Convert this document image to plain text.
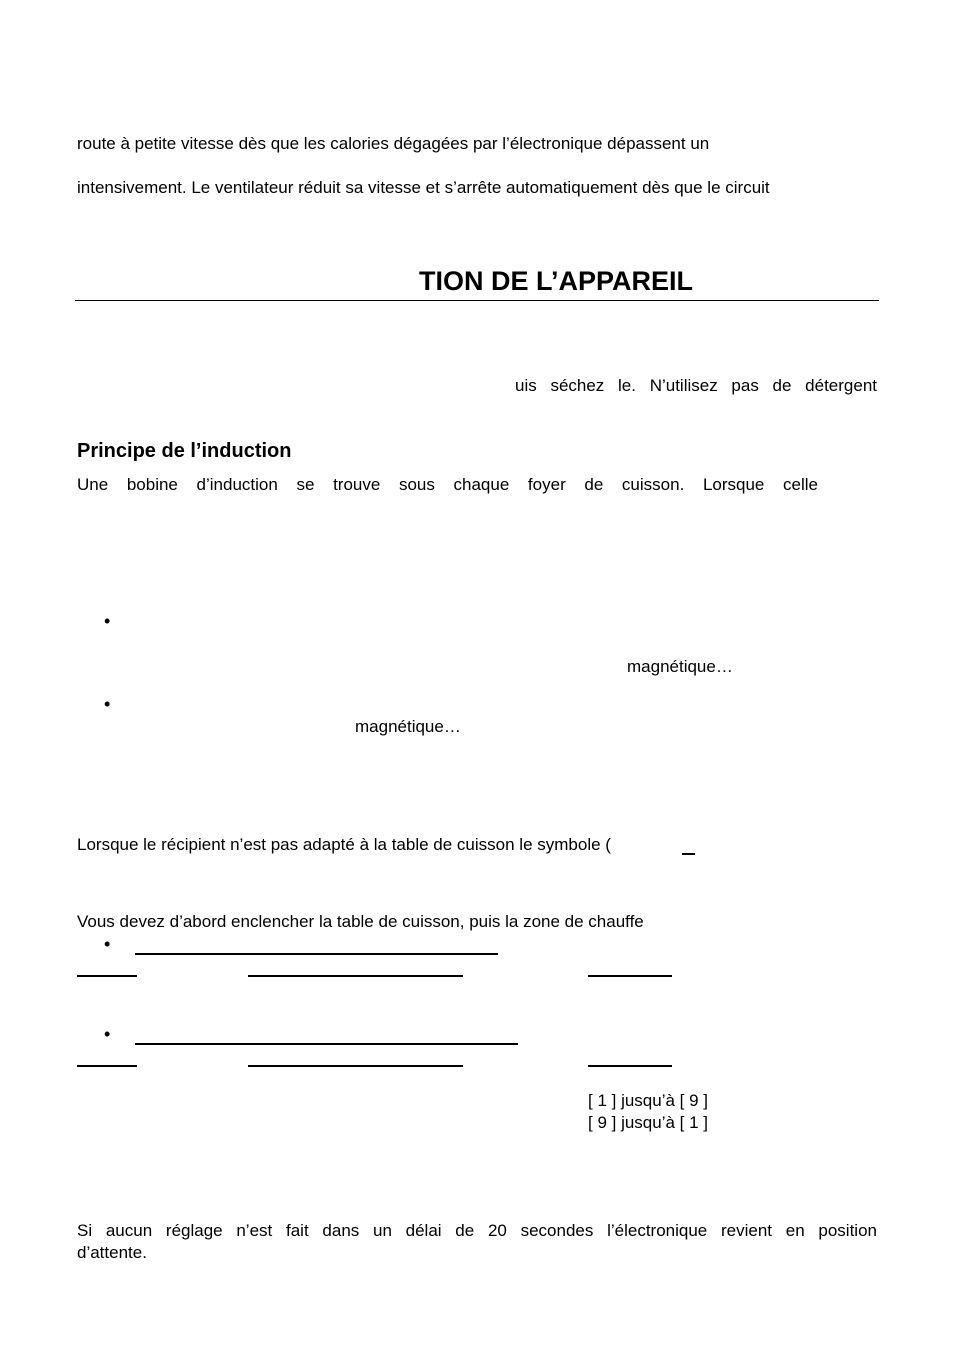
route à petite vitesse dès que les calories dégagées par l’électronique dépassent un
intensivement. Le ventilateur réduit sa vitesse et s’arrête automatiquement dès que le circuit
TION DE L’APPAREIL
uis séchez le. N’utilisez pas de détergent
Principe de l’induction
Une bobine d’induction se trouve sous chaque foyer de cuisson. Lorsque celle
•
magnétique…
•
magnétique…
Lorsque le récipient n’est pas adapté à la table de cuisson le symbole (
Vous devez d’abord enclencher la table de cuisson, puis la zone de chauffe
•
•
[ 1 ] jusqu’à [ 9 ]
[ 9 ] jusqu’à [ 1 ]
Si aucun réglage n’est fait dans un délai de 20 secondes l’électronique revient en position
d’attente.
